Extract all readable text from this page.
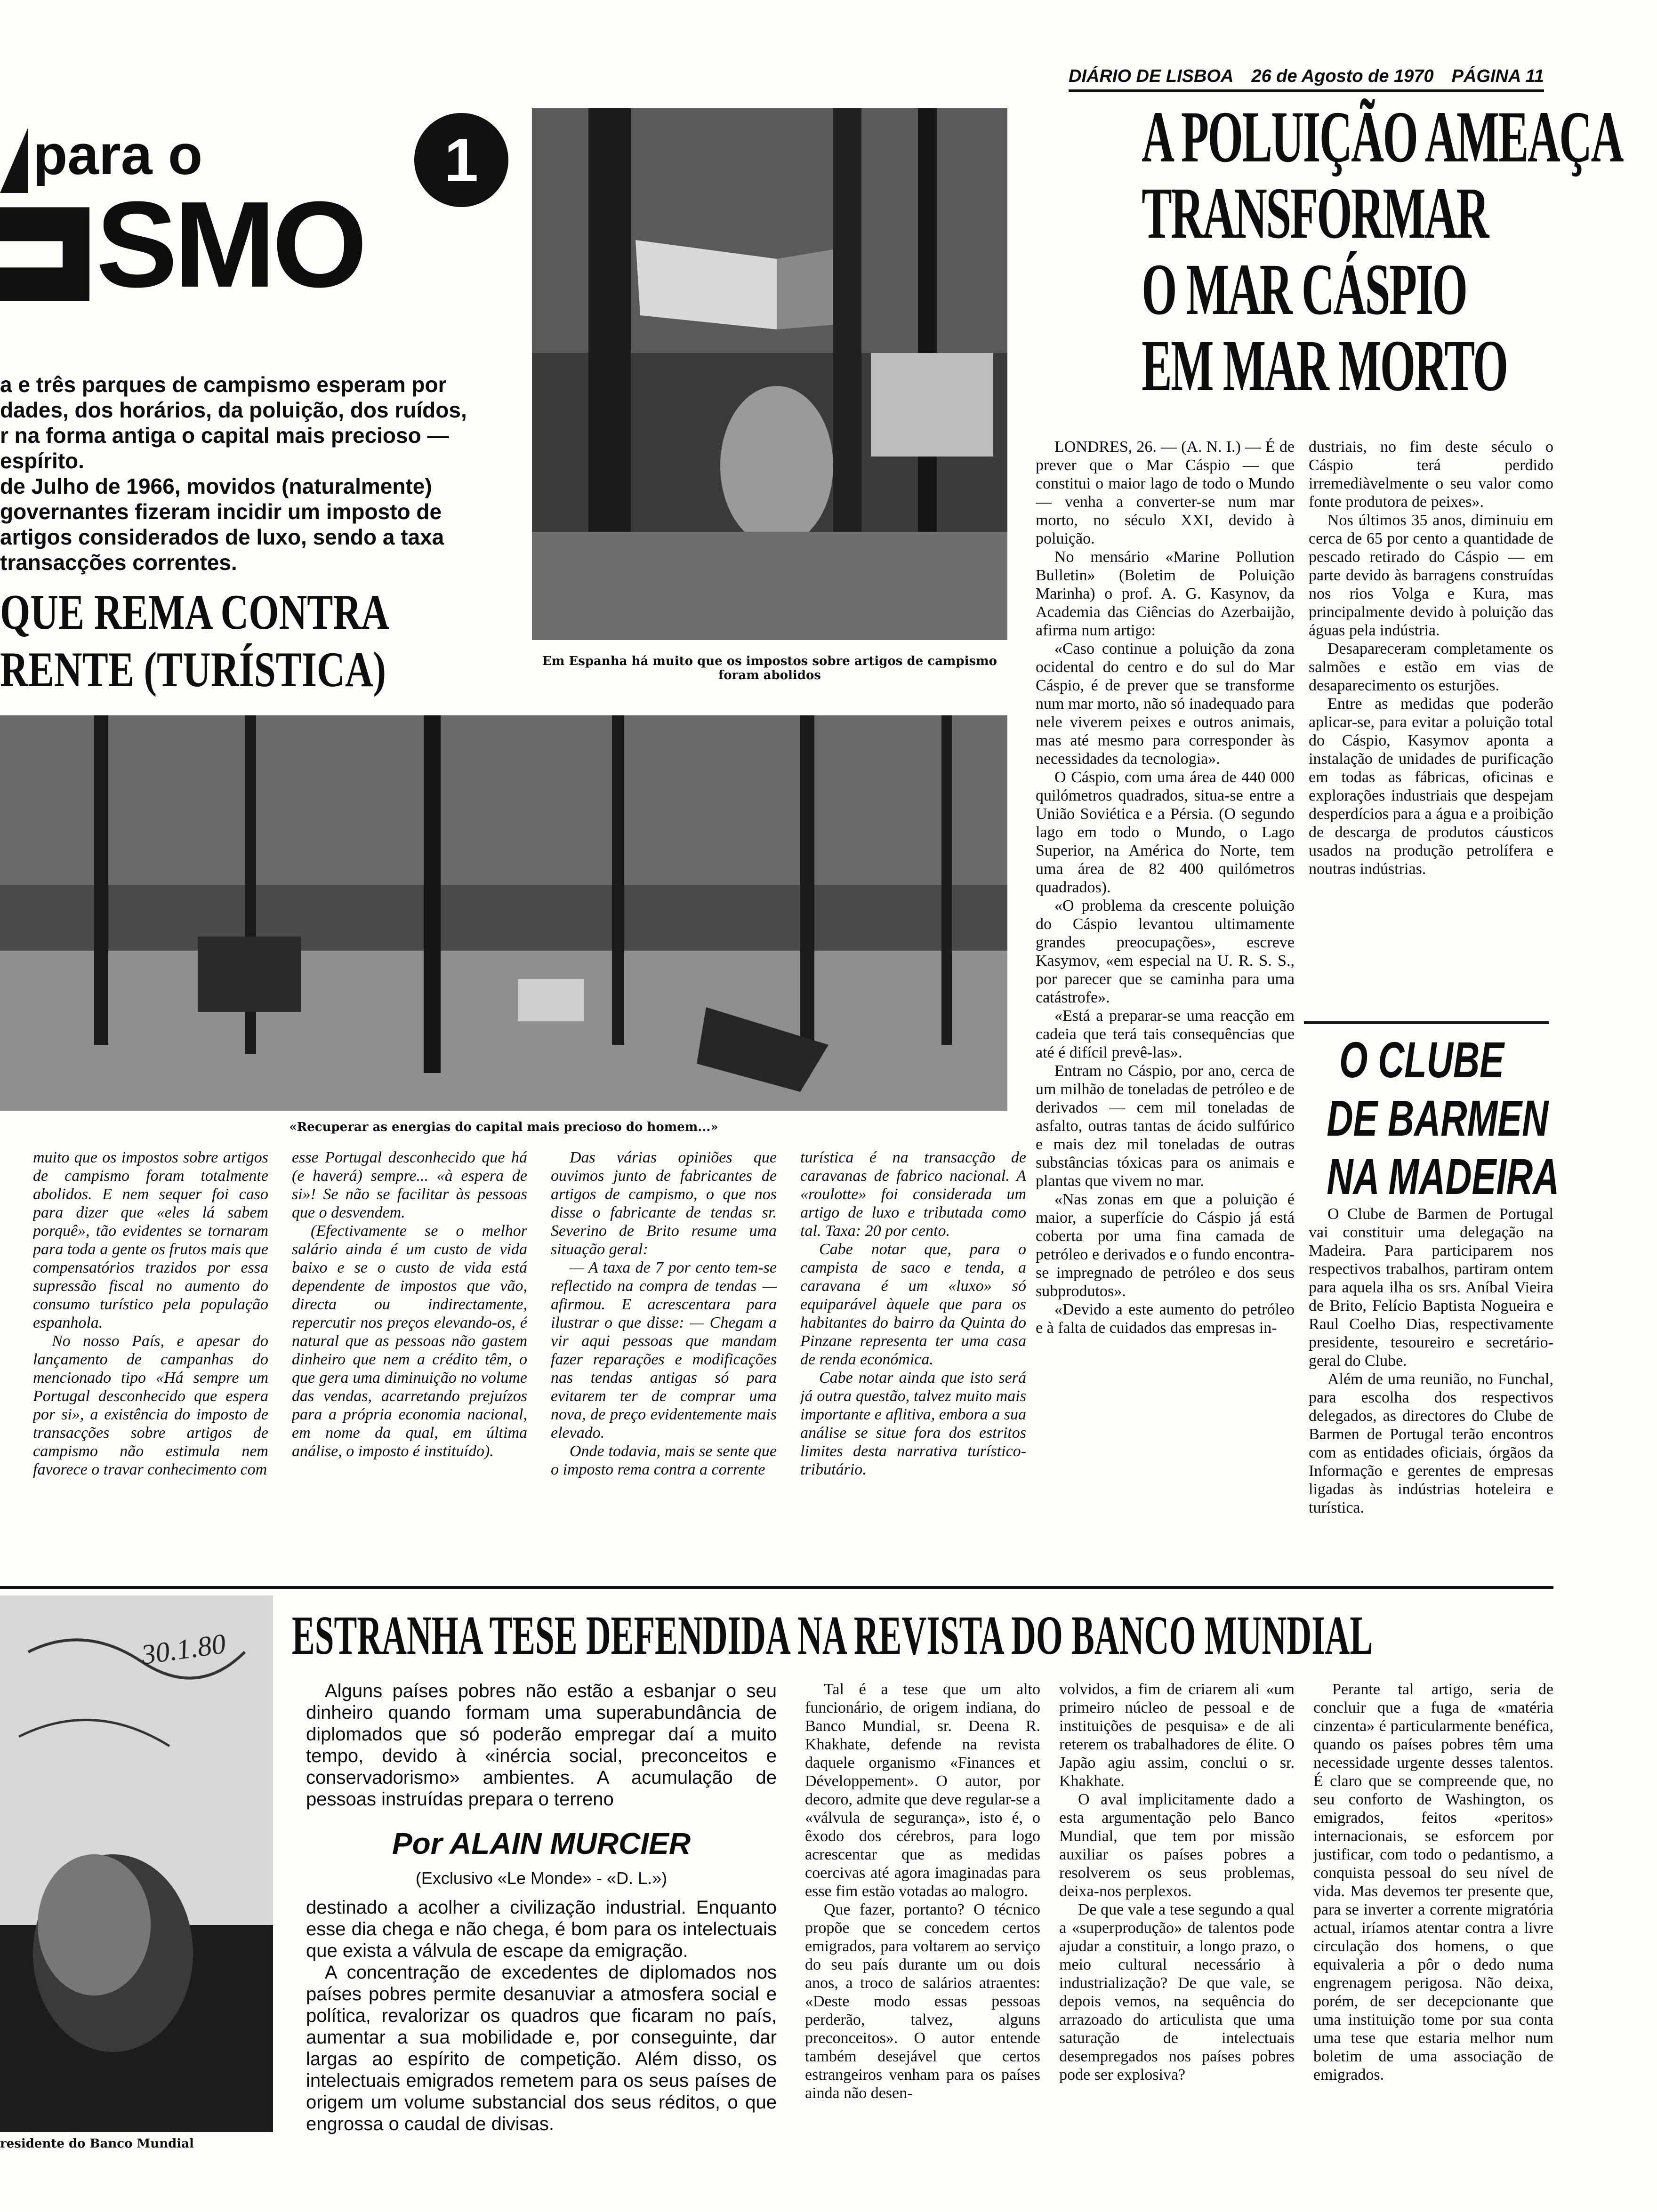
DIÁRIO DE LISBOA 26 de Agosto de 1970 PÁGINA 11
para o
SMO
1
a e três parques de campismo esperam por
dades, dos horários, da poluição, dos ruídos,
r na forma antiga o capital mais precioso —
espírito.
de Julho de 1966, movidos (naturalmente)
governantes fizeram incidir um imposto de
artigos considerados de luxo, sendo a taxa
transacções correntes.
QUE REMA CONTRA
RENTE (TURÍSTICA)	Em Espanha há muito que os impostos sobre artigos de campismo foram abolidos
«Recuperar as energias do capital mais precioso do homem...»

muito que os impostos sobre artigos de campismo foram totalmente abolidos. E nem sequer foi caso para dizer que «eles lá sabem porquê», tão evidentes se tornaram para toda a gente os frutos mais que compensatórios trazidos por essa supressão fiscal no aumento do consumo turístico pela população espanhola.

No nosso País, e apesar do lançamento de campanhas do mencionado tipo «Há sempre um Portugal desconhecido que espera por si», a existência do imposto de transacções sobre artigos de campismo não estimula nem favorece o travar conhecimento com

esse Portugal desconhecido que há (e haverá) sempre... «à espera de si»! Se não se facilitar às pessoas que o desvendem.

(Efectivamente se o melhor salário ainda é um custo de vida baixo e se o custo de vida está dependente de impostos que vão, directa ou indirectamente, repercutir nos preços elevando-os, é natural que as pessoas não gastem dinheiro que nem a crédito têm, o que gera uma diminuição no volume das vendas, acarretando prejuízos para a própria economia nacional, em nome da qual, em última análise, o imposto é instituído).

Das várias opiniões que ouvimos junto de fabricantes de artigos de campismo, o que nos disse o fabricante de tendas sr. Severino de Brito resume uma situação geral:

— A taxa de 7 por cento tem-se reflectido na compra de tendas — afirmou. E acrescentara para ilustrar o que disse: — Chegam a vir aqui pessoas que mandam fazer reparações e modificações nas tendas antigas só para evitarem ter de comprar uma nova, de preço evidentemente mais elevado.

Onde todavia, mais se sente que o imposto rema contra a corrente

turística é na transacção de caravanas de fabrico nacional. A «roulotte» foi considerada um artigo de luxo e tributada como tal. Taxa: 20 por cento.

Cabe notar que, para o campista de saco e tenda, a caravana é um «luxo» só equiparável àquele que para os habitantes do bairro da Quinta do Pinzane representa ter uma casa de renda económica.

Cabe notar ainda que isto será já outra questão, talvez muito mais importante e aflitiva, embora a sua análise se situe fora dos estritos limites desta narrativa turístico-tributário.

A POLUIÇÃO AMEAÇA
TRANSFORMAR
O MAR CÁSPIO
EM MAR MORTO

LONDRES, 26. — (A. N. I.) — É de prever que o Mar Cáspio — que constitui o maior lago de todo o Mundo — venha a converter-se num mar morto, no século XXI, devido à poluição.

No mensário «Marine Pollution Bulletin» (Boletim de Poluição Marinha) o prof. A. G. Kasynov, da Academia das Ciências do Azerbaijão, afirma num artigo:

«Caso continue a poluição da zona ocidental do centro e do sul do Mar Cáspio, é de prever que se transforme num mar morto, não só inadequado para nele viverem peixes e outros animais, mas até mesmo para corresponder às necessidades da tecnologia».

O Cáspio, com uma área de 440 000 quilómetros quadrados, situa-se entre a União Soviética e a Pérsia. (O segundo lago em todo o Mundo, o Lago Superior, na América do Norte, tem uma área de 82 400 quilómetros quadrados).

«O problema da crescente poluição do Cáspio levantou ultimamente grandes preocupações», escreve Kasymov, «em especial na U. R. S. S., por parecer que se caminha para uma catástrofe».

«Está a preparar-se uma reacção em cadeia que terá tais consequências que até é difícil prevê-las».

Entram no Cáspio, por ano, cerca de um milhão de toneladas de petróleo e de derivados — cem mil toneladas de asfalto, outras tantas de ácido sulfúrico e mais dez mil toneladas de outras substâncias tóxicas para os animais e plantas que vivem no mar.

«Nas zonas em que a poluição é maior, a superfície do Cáspio já está coberta por uma fina camada de petróleo e derivados e o fundo encontra-se impregnado de petróleo e dos seus subprodutos».

«Devido a este aumento do petróleo e à falta de cuidados das empresas in-

dustriais, no fim deste século o Cáspio terá perdido irremediàvelmente o seu valor como fonte produtora de peixes».

Nos últimos 35 anos, diminuiu em cerca de 65 por cento a quantidade de pescado retirado do Cáspio — em parte devido às barragens construídas nos rios Volga e Kura, mas principalmente devido à poluição das águas pela indústria.

Desapareceram completamente os salmões e estão em vias de desaparecimento os esturjões.

Entre as medidas que poderão aplicar-se, para evitar a poluição total do Cáspio, Kasymov aponta a instalação de unidades de purificação em todas as fábricas, oficinas e explorações industriais que despejam desperdícios para a água e a proibição de descarga de produtos cáusticos usados na produção petrolífera e noutras indústrias.

O CLUBE
DE BARMEN
NA MADEIRA

O Clube de Barmen de Portugal vai constituir uma delegação na Madeira. Para participarem nos respectivos trabalhos, partiram ontem para aquela ilha os srs. Aníbal Vieira de Brito, Felício Baptista Nogueira e Raul Coelho Dias, respectivamente presidente, tesoureiro e secretário-geral do Clube.

Além de uma reunião, no Funchal, para escolha dos respectivos delegados, as directores do Clube de Barmen de Portugal terão encontros com as entidades oficiais, órgãos da Informação e gerentes de empresas ligadas às indústrias hoteleira e turística.

30.1.80
residente do Banco Mundial
ESTRANHA TESE DEFENDIDA NA REVISTA DO BANCO MUNDIAL

Alguns países pobres não estão a esbanjar o seu dinheiro quando formam uma superabundância de diplomados que só poderão empregar daí a muito tempo, devido à «inércia social, preconceitos e conservadorismo» ambientes. A acumulação de pessoas instruídas prepara o terreno

Por ALAIN MURCIER
(Exclusivo «Le Monde» - «D. L.»)

destinado a acolher a civilização industrial. Enquanto esse dia chega e não chega, é bom para os intelectuais que exista a válvula de escape da emigração.

A concentração de excedentes de diplomados nos países pobres permite desanuviar a atmosfera social e política, revalorizar os quadros que ficaram no país, aumentar a sua mobilidade e, por conseguinte, dar largas ao espírito de competição. Além disso, os intelectuais emigrados remetem para os seus países de origem um volume substancial dos seus réditos, o que engrossa o caudal de divisas.

Tal é a tese que um alto funcionário, de origem indiana, do Banco Mundial, sr. Deena R. Khakhate, defende na revista daquele organismo «Finances et Développement». O autor, por decoro, admite que deve regular-se a «válvula de segurança», isto é, o êxodo dos cérebros, para logo acrescentar que as medidas coercivas até agora imaginadas para esse fim estão votadas ao malogro.

Que fazer, portanto? O técnico propõe que se concedem certos emigrados, para voltarem ao serviço do seu país durante um ou dois anos, a troco de salários atraentes: «Deste modo essas pessoas perderão, talvez, alguns preconceitos». O autor entende também desejável que certos estrangeiros venham para os países ainda não desen-

volvidos, a fim de criarem ali «um primeiro núcleo de pessoal e de instituições de pesquisa» e de ali reterem os trabalhadores de élite. O Japão agiu assim, conclui o sr. Khakhate.

O aval implicitamente dado a esta argumentação pelo Banco Mundial, que tem por missão auxiliar os países pobres a resolverem os seus problemas, deixa-nos perplexos.

De que vale a tese segundo a qual a «superprodução» de talentos pode ajudar a constituir, a longo prazo, o meio cultural necessário à industrialização? De que vale, se depois vemos, na sequência do arrazoado do articulista que uma saturação de intelectuais desempregados nos países pobres pode ser explosiva?

Perante tal artigo, seria de concluir que a fuga de «matéria cinzenta» é particularmente benéfica, quando os países pobres têm uma necessidade urgente desses talentos. É claro que se compreende que, no seu conforto de Washington, os emigrados, feitos «peritos» internacionais, se esforcem por justificar, com todo o pedantismo, a conquista pessoal do seu nível de vida. Mas devemos ter presente que, para se inverter a corrente migratória actual, iríamos atentar contra a livre circulação dos homens, o que equivaleria a pôr o dedo numa engrenagem perigosa. Não deixa, porém, de ser decepcionante que uma instituição tome por sua conta uma tese que estaria melhor num boletim de uma associação de emigrados.
